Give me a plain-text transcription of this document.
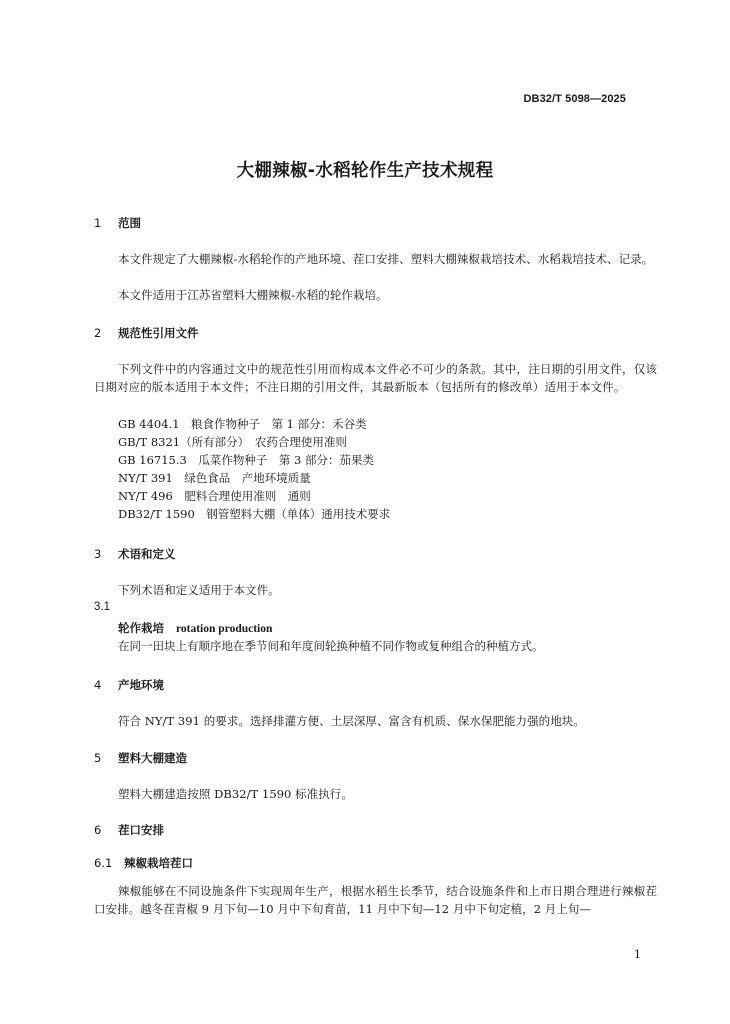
DB32/T 5098—2025
大棚辣椒-水稻轮作生产技术规程
1 范围
本文件规定了大棚辣椒-水稻轮作的产地环境、茬口安排、塑料大棚辣椒栽培技术、水稻栽培技术、记录。
本文件适用于江苏省塑料大棚辣椒-水稻的轮作栽培。
2 规范性引用文件
下列文件中的内容通过文中的规范性引用而构成本文件必不可少的条款。其中，注日期的引用文件，仅该日期对应的版本适用于本文件；不注日期的引用文件，其最新版本（包括所有的修改单）适用于本文件。
GB 4404.1　粮食作物种子　第 1 部分：禾谷类
GB/T 8321（所有部分）　农药合理使用准则
GB 16715.3　瓜菜作物种子　第 3 部分：茄果类
NY/T 391　绿色食品　产地环境质量
NY/T 496　肥料合理使用准则　通则
DB32/T 1590　钢管塑料大棚（单体）通用技术要求
3 术语和定义
下列术语和定义适用于本文件。
3.1
轮作栽培 rotation production
在同一田块上有顺序地在季节间和年度间轮换种植不同作物或复种组合的种植方式。
4 产地环境
符合 NY/T 391 的要求。选择排灌方便、土层深厚、富含有机质、保水保肥能力强的地块。
5 塑料大棚建造
塑料大棚建造按照 DB32/T 1590 标准执行。
6 茬口安排
6.1 辣椒栽培茬口
辣椒能够在不同设施条件下实现周年生产，根据水稻生长季节，结合设施条件和上市日期合理进行辣椒茬口安排。越冬茬青椒 9 月下旬—10 月中下旬育苗，11 月中下旬—12 月中下旬定植，2 月上旬—
1
